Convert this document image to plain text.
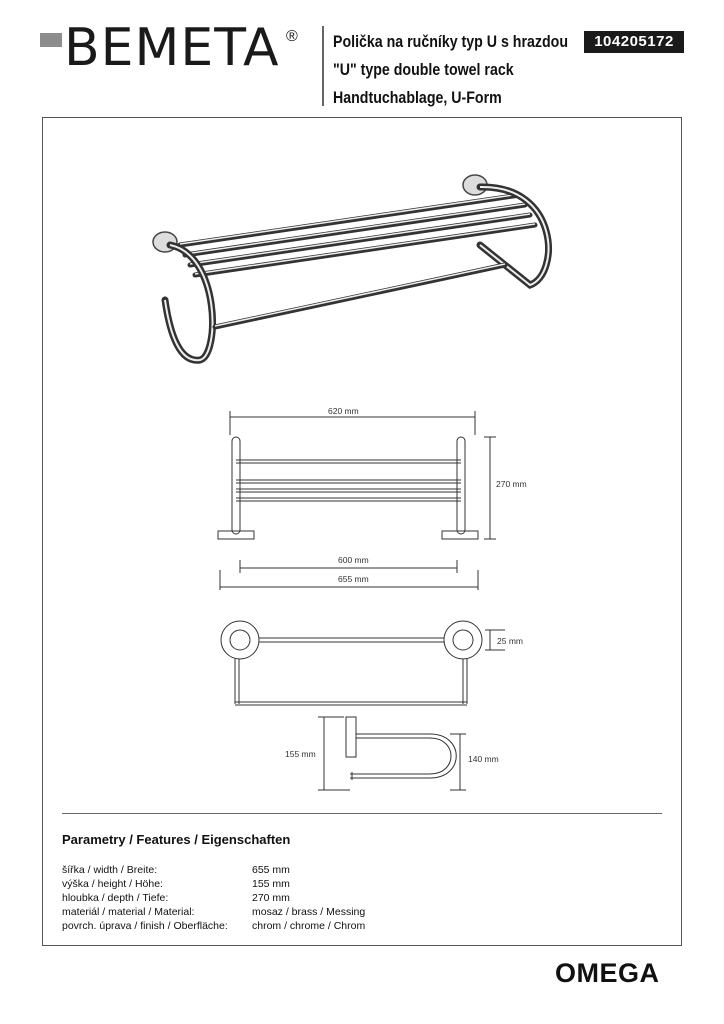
BEMETA ® Polička na ručníky typ U s hrazdou
"U" type double towel rack
Handtuchablage, U-Form
104205172
620 mm
270 mm
600 mm
655 mm
25 mm
155 mm	140 mm
Parametry / Features / Eigenschaften
šířka / width / Breite:	655 mm
výška / height / Höhe:	155 mm
hloubka / depth / Tiefe:	270 mm
materiál / material / Material:	mosaz / brass / Messing
povrch. úprava / finish / Oberfläche:	chrom / chrome / Chrom
OMEGA
